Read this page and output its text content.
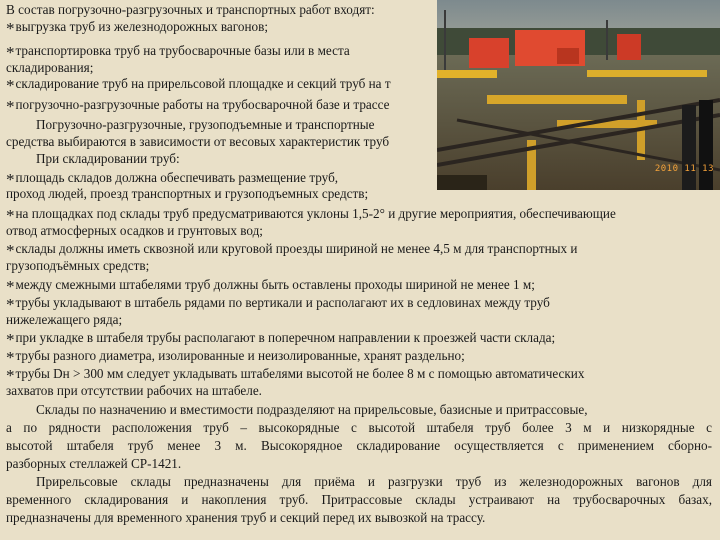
2010 11 13
В состав погрузочно-разгрузочных и транспортных работ входят:
*выгрузка труб из железнодорожных вагонов;
*транспортировка труб на трубосварочные базы или в места
складирования;
*складирование труб на прирельсовой площадке и секций труб на т
*погрузочно-разгрузочные работы на трубосварочной базе и трассе
Погрузочно-разгрузочные, грузоподъемные и транспортные
средства выбираются в зависимости от весовых характеристик труб
При складировании труб:
*площадь складов должна обеспечивать размещение труб,
проход людей, проезд транспортных и грузоподъемных средств;
*на площадках под склады труб предусматриваются уклоны 1,5-2° и другие мероприятия, обеспечивающие
отвод атмосферных осадков и грунтовых вод;
*склады должны иметь сквозной или круговой проезды шириной не менее 4,5 м для транспортных и
грузоподъёмных средств;
*между смежными штабелями труб должны быть оставлены проходы шириной не менее 1 м;
*трубы укладывают в штабель рядами по вертикали и располагают их в седловинах между труб
нижележащего ряда;
*при укладке в штабеля трубы располагают в поперечном направлении к проезжей части склада;
*трубы разного диаметра, изолированные и неизолированные, хранят раздельно;
*трубы Dн > 300 мм следует укладывать штабелями высотой не более 8 м с помощью автоматических
захватов при отсутствии рабочих на штабеле.
Склады по назначению и вместимости подразделяют на прирельсовые, базисные и притрассовые,
а по рядности расположения труб – высокорядные с высотой штабеля труб более 3 м и низкорядные с
высотой штабеля труб менее 3 м. Высокорядное складирование осуществляется с применением сборно-
разборных стеллажей СР-1421.
Прирельсовые склады предназначены для приёма и разгрузки труб из железнодорожных вагонов для
временного складирования и накопления труб. Притрассовые склады устраивают на трубосварочных базах,
предназначены для временного хранения труб и секций перед их вывозкой на трассу.
